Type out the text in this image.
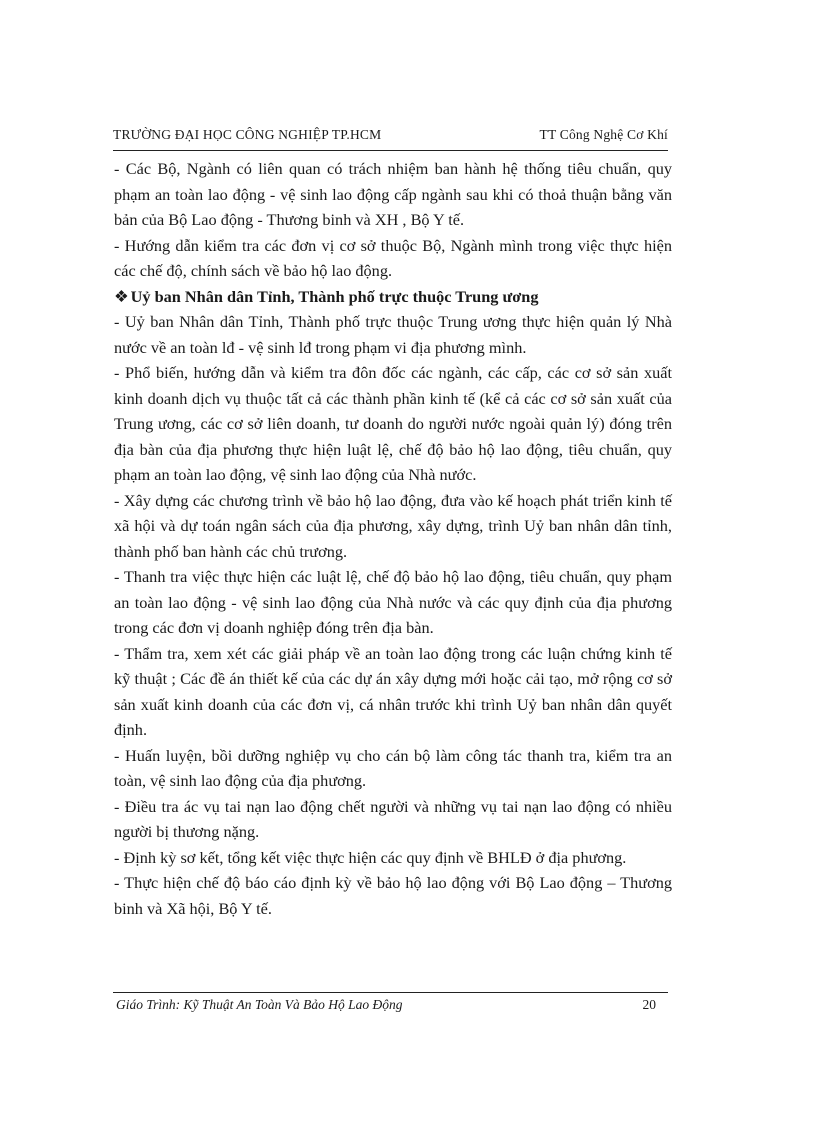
TRƯỜNG ĐẠI HỌC CÔNG NGHIỆP TP.HCM	TT Công Nghệ Cơ Khí

- Các Bộ, Ngành có liên quan có trách nhiệm ban hành hệ thống tiêu chuẩn, quy phạm an toàn lao động - vệ sinh lao động cấp ngành sau khi có thoả thuận bằng văn bản của Bộ Lao động - Thương binh và XH , Bộ Y tế.

- Hướng dẫn kiểm tra các đơn vị cơ sở thuộc Bộ, Ngành mình trong việc thực hiện các chế độ, chính sách về bảo hộ lao động.

❖ Uỷ ban Nhân dân Tỉnh, Thành phố trực thuộc Trung ương

- Uỷ ban Nhân dân Tỉnh, Thành phố trực thuộc Trung ương thực hiện quản lý Nhà nước về an toàn lđ - vệ sinh lđ trong phạm vi địa phương mình.

- Phổ biến, hướng dẫn và kiểm tra đôn đốc các ngành, các cấp, các cơ sở sản xuất kinh doanh dịch vụ thuộc tất cả các thành phần kinh tế (kể cả các cơ sở sản xuất của Trung ương, các cơ sở liên doanh, tư doanh do người nước ngoài quản lý) đóng trên địa bàn của địa phương thực hiện luật lệ, chế độ bảo hộ lao động, tiêu chuẩn, quy phạm an toàn lao động, vệ sinh lao động của Nhà nước.

- Xây dựng các chương trình về bảo hộ lao động, đưa vào kế hoạch phát triển kinh tế xã hội và dự toán ngân sách của địa phương, xây dựng, trình Uỷ ban nhân dân tỉnh, thành phố ban hành các chủ trương.

- Thanh tra việc thực hiện các luật lệ, chế độ bảo hộ lao động, tiêu chuẩn, quy phạm an toàn lao động - vệ sinh lao động của Nhà nước và các quy định của địa phương trong các đơn vị doanh nghiệp đóng trên địa bàn.

- Thẩm tra, xem xét các giải pháp về an toàn lao động trong các luận chứng kinh tế kỹ thuật ; Các đề án thiết kế của các dự án xây dựng mới hoặc cải tạo, mở rộng cơ sở sản xuất kinh doanh của các đơn vị, cá nhân trước khi trình Uỷ ban nhân dân quyết định.

- Huấn luyện, bồi dưỡng nghiệp vụ cho cán bộ làm công tác thanh tra, kiểm tra an toàn, vệ sinh lao động của địa phương.

- Điều tra ác vụ tai nạn lao động chết người và những vụ tai nạn lao động có nhiều người bị thương nặng.

- Định kỳ sơ kết, tổng kết việc thực hiện các quy định về BHLĐ ở địa phương.

- Thực hiện chế độ báo cáo định kỳ về bảo hộ lao động với Bộ Lao động – Thương binh và Xã hội, Bộ Y tế.

Giáo Trình: Kỹ Thuật An Toàn Và Bảo Hộ Lao Động	20
